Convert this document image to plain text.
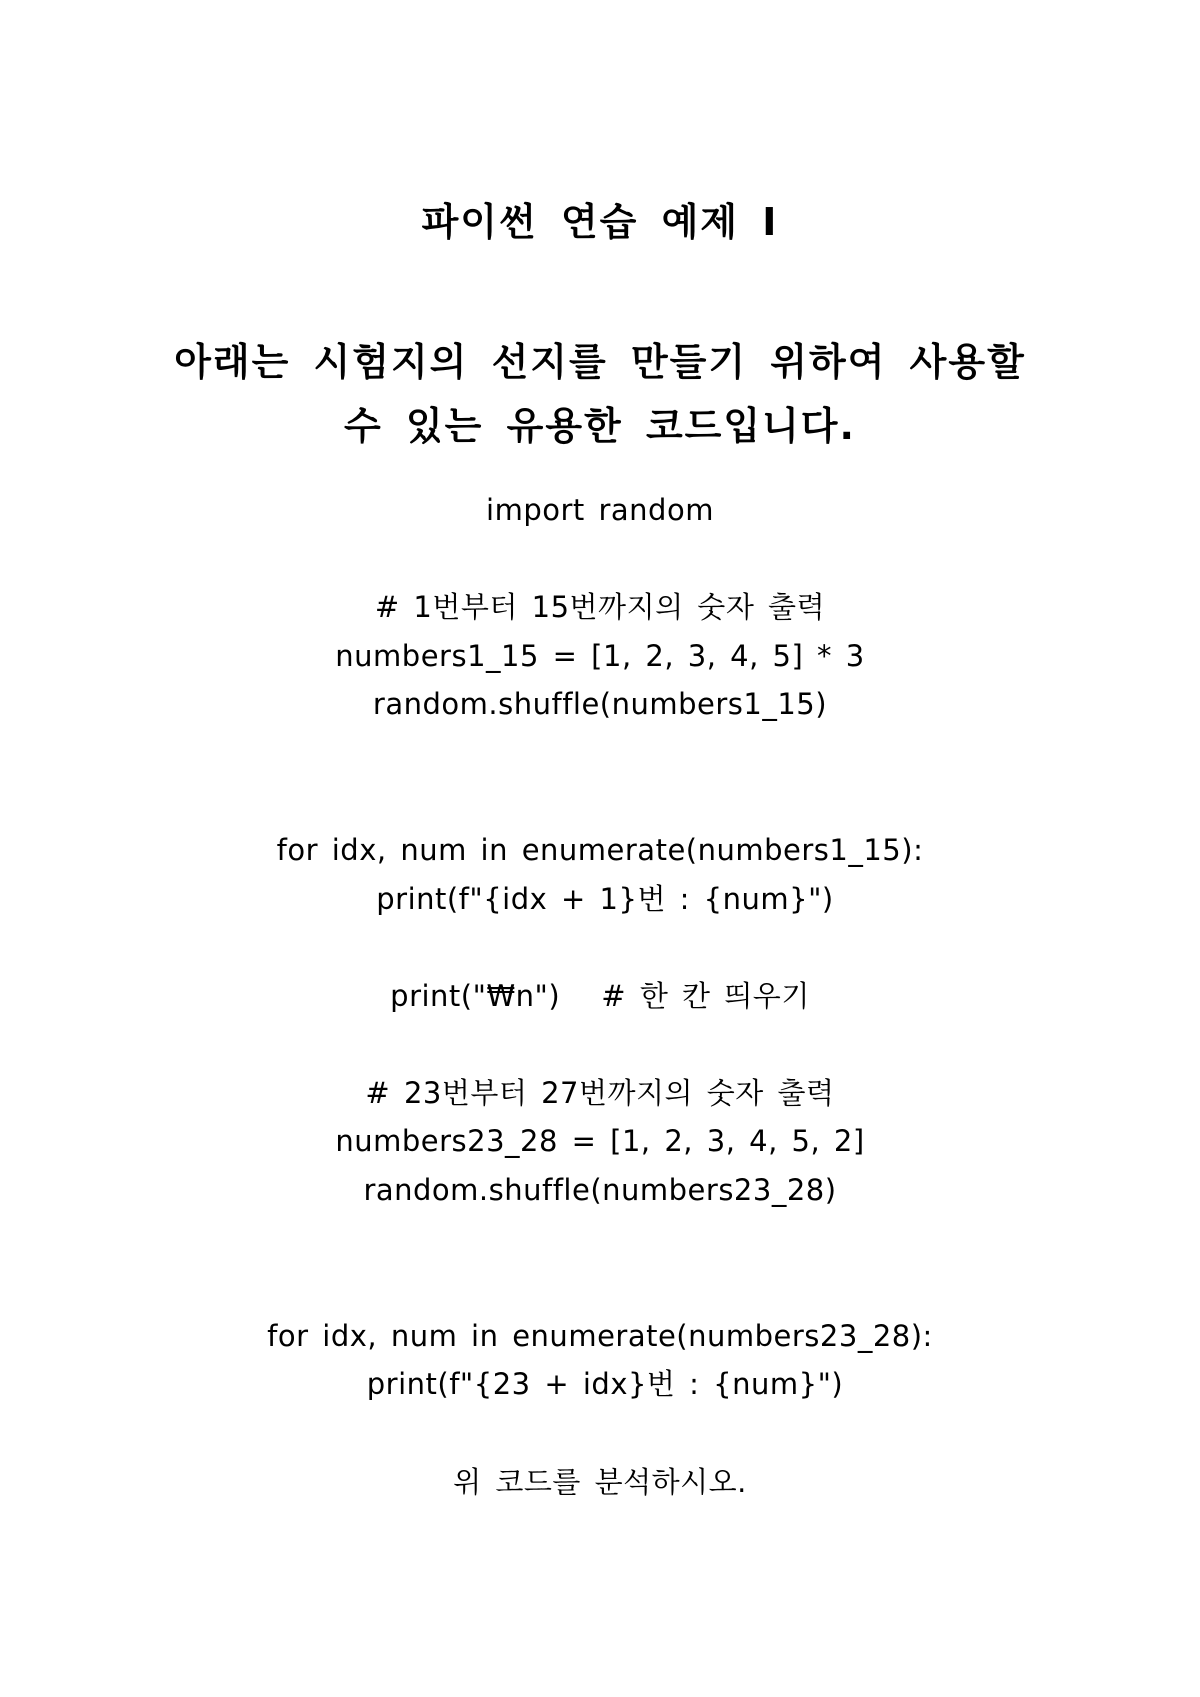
파이썬 연습 예제 I

아래는 시험지의 선지를 만들기 위하여 사용할
수 있는 유용한 코드입니다.

import random
# 1번부터 15번까지의 숫자 출력
numbers1_15 = [1, 2, 3, 4, 5] * 3
random.shuffle(numbers1_15)
for idx, num in enumerate(numbers1_15):
print(f"{idx + 1}번 : {num}")
print("₩n")   # 한 칸 띄우기
# 23번부터 27번까지의 숫자 출력
numbers23_28 = [1, 2, 3, 4, 5, 2]
random.shuffle(numbers23_28)
for idx, num in enumerate(numbers23_28):
print(f"{23 + idx}번 : {num}")
위 코드를 분석하시오.
